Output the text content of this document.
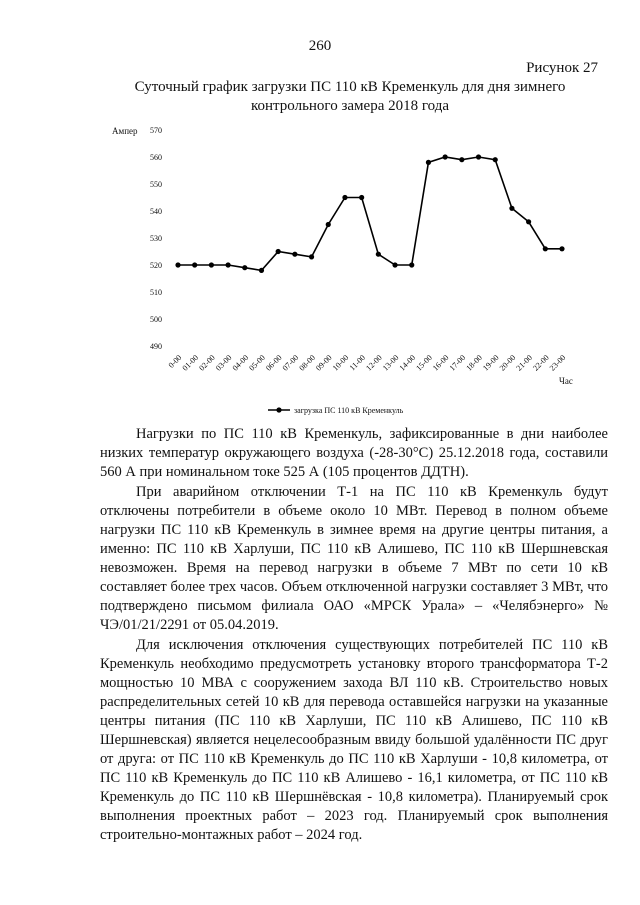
260
Рисунок 27
Суточный график загрузки ПС 110 кВ Кременкуль для дня зимнего контрольного замера 2018 года
490
500
510
520
530
540
550
560
570
0-00
01-00
02-00
03-00
04-00
05-00
06-00
07-00
08-00
09-00
10-00
11-00
12-00
13-00
14-00
15-00
16-00
17-00
18-00
19-00
20-00
21-00
22-00
23-00
Ампер
Час
загрузка ПС 110 кВ Кременкуль

Нагрузки по ПС 110 кВ Кременкуль, зафиксированные в дни наиболее низких температур окружающего воздуха (-28-30°С) 25.12.2018 года, составили 560 А при номинальном токе 525 А (105 процентов ДДТН).

При аварийном отключении Т-1 на ПС 110 кВ Кременкуль будут отключены потребители в объеме около 10 МВт. Перевод в полном объеме нагрузки ПС 110 кВ Кременкуль в зимнее время на другие центры питания, а именно: ПС 110 кВ Харлуши, ПС 110 кВ Алишево, ПС 110 кВ Шершневская невозможен. Время на перевод нагрузки в объеме 7 МВт по сети 10 кВ составляет более трех часов. Объем отключенной нагрузки составляет 3 МВт, что подтверждено письмом филиала ОАО «МРСК Урала» – «Челябэнерго» № ЧЭ/01/21/2291 от 05.04.2019.

Для исключения отключения существующих потребителей ПС 110 кВ Кременкуль необходимо предусмотреть установку второго трансформатора Т-2 мощностью 10 МВА с сооружением захода ВЛ 110 кВ. Строительство новых распределительных сетей 10 кВ для перевода оставшейся нагрузки на указанные центры питания (ПС 110 кВ Харлуши, ПС 110 кВ Алишево, ПС 110 кВ Шершневская) является нецелесообразным ввиду большой удалённости ПС друг от друга: от ПС 110 кВ Кременкуль до ПС 110 кВ Харлуши - 10,8 километра, от ПС 110 кВ Кременкуль до ПС 110 кВ Алишево - 16,1 километра, от ПС 110 кВ Кременкуль до ПС 110 кВ Шершнёвская - 10,8 километра). Планируемый срок выполнения проектных работ – 2023 год. Планируемый срок выполнения строительно-монтажных работ – 2024 год.
